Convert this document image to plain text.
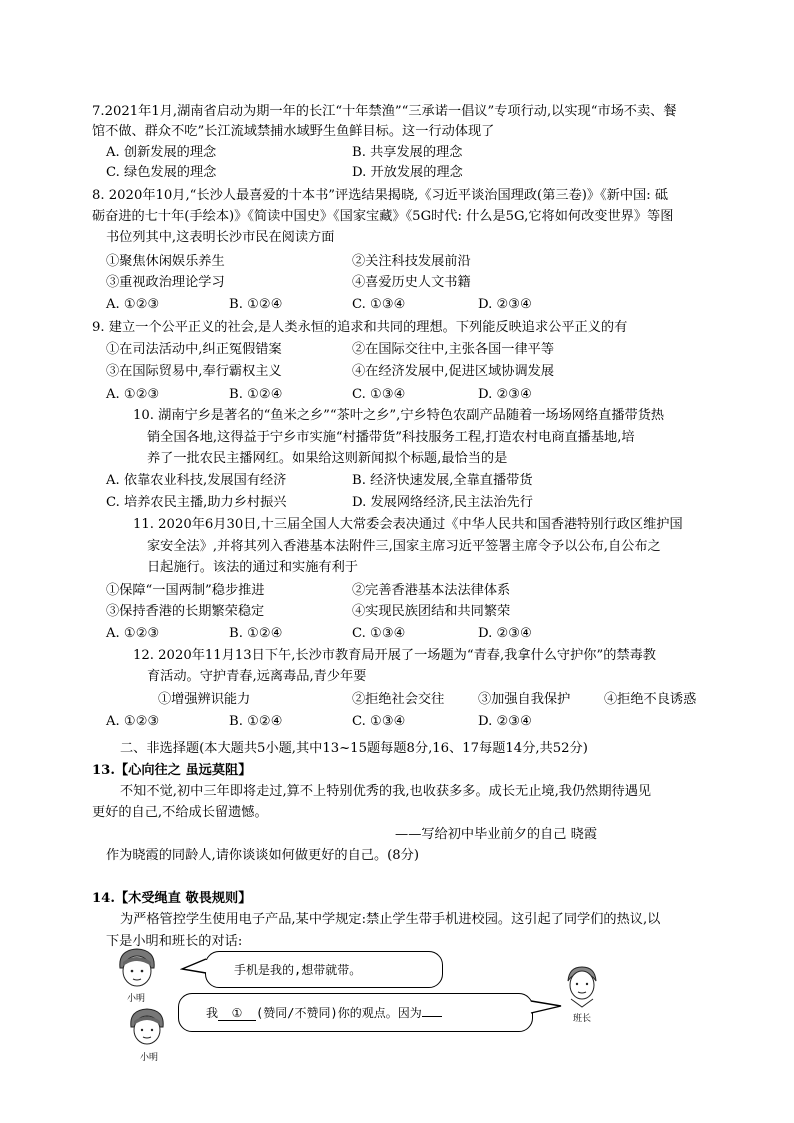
7.2021年1月,湖南省启动为期一年的长江“十年禁渔”“三承诺一倡议”专项行动,以实现“市场不卖、餐
馆不做、群众不吃”长江流域禁捕水域野生鱼鲜目标。这一行动体现了
A. 创新发展的理念	B. 共享发展的理念
C. 绿色发展的理念	D. 开放发展的理念
8. 2020年10月,“长沙人最喜爱的十本书”评选结果揭晓,《习近平谈治国理政(第三卷)》《新中国: 砥
砺奋进的七十年(手绘本)》《简读中国史》《国家宝藏》《5G时代: 什么是5G,它将如何改变世界》等图
书位列其中,这表明长沙市民在阅读方面
①聚焦休闲娱乐养生	②关注科技发展前沿
③重视政治理论学习	④喜爱历史人文书籍
A. ①②③	B. ①②④	C. ①③④	D. ②③④
9. 建立一个公平正义的社会,是人类永恒的追求和共同的理想。下列能反映追求公平正义的有
①在司法活动中,纠正冤假错案	②在国际交往中,主张各国一律平等
③在国际贸易中,奉行霸权主义	④在经济发展中,促进区域协调发展
A. ①②③	B. ①②④	C. ①③④	D. ②③④
10. 湖南宁乡是著名的“鱼米之乡”“茶叶之乡”,宁乡特色农副产品随着一场场网络直播带货热
销全国各地,这得益于宁乡市实施“村播带货”科技服务工程,打造农村电商直播基地,培
养了一批农民主播网红。如果给这则新闻拟个标题,最恰当的是
A. 依靠农业科技,发展国有经济	B. 经济快速发展,全靠直播带货
C. 培养农民主播,助力乡村振兴	D. 发展网络经济,民主法治先行
11. 2020年6月30日,十三届全国人大常委会表决通过《中华人民共和国香港特别行政区维护国
家安全法》,并将其列入香港基本法附件三,国家主席习近平签署主席令予以公布,自公布之
日起施行。该法的通过和实施有利于
①保障“一国两制”稳步推进	②完善香港基本法法律体系
③保持香港的长期繁荣稳定	④实现民族团结和共同繁荣
A. ①②③	B. ①②④	C. ①③④	D. ②③④
12. 2020年11月13日下午,长沙市教育局开展了一场题为“青春,我拿什么守护你”的禁毒教
育活动。守护青春,远离毒品,青少年要
①增强辨识能力	②拒绝社会交往	③加强自我保护	④拒绝不良诱惑
A. ①②③	B. ①②④	C. ①③④	D. ②③④
二、非选择题(本大题共5小题,其中13~15题每题8分,16、17每题14分,共52分)
13.【心向往之 虽远莫阻】
不知不觉,初中三年即将走过,算不上特别优秀的我,也收获多多。成长无止境,我仍然期待遇见
更好的自己,不给成长留遗憾。
——写给初中毕业前夕的自己 晓霞
作为晓霞的同龄人,请你谈谈如何做更好的自己。(8分)
14.【木受绳直 敬畏规则】
为严格管控学生使用电子产品,某中学规定:禁止学生带手机进校园。这引起了同学们的热议,以
下是小明和班长的对话:
小明
手机是我的,想带就带。
小明
班长
我 ① (赞同/不赞同)你的观点。因为
